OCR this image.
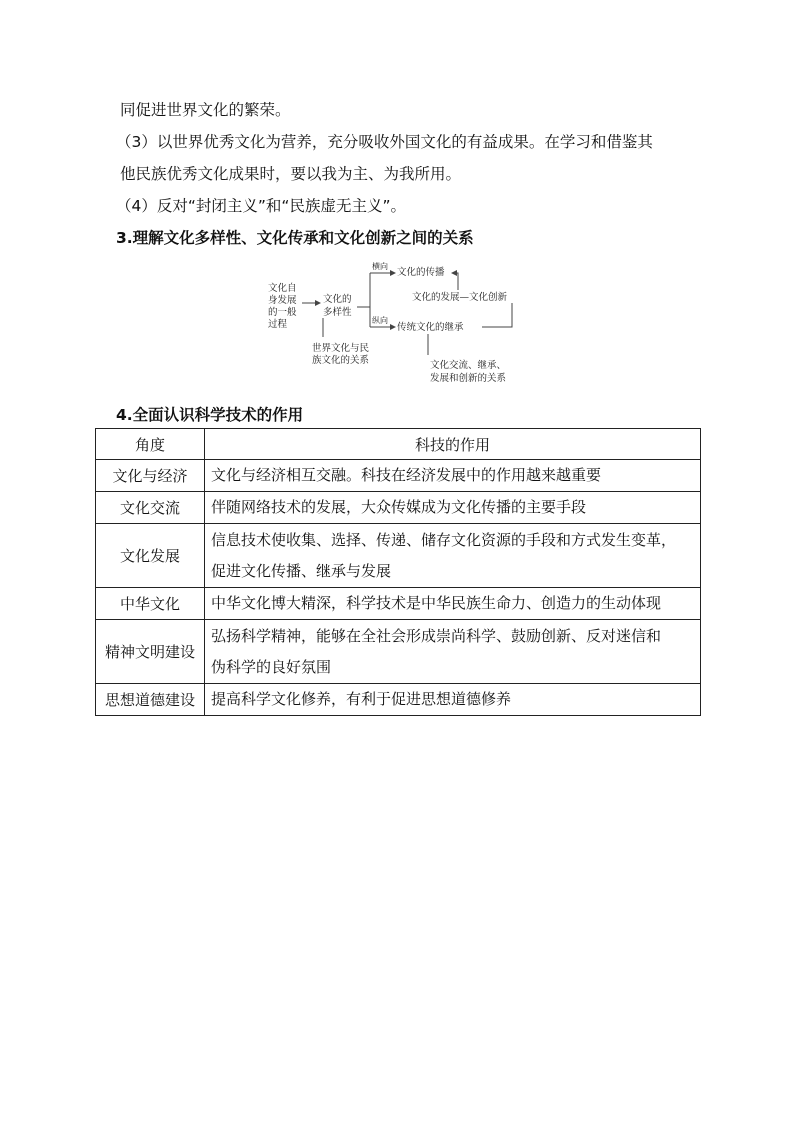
同促进世界文化的繁荣。
（3）以世界优秀文化为营养，充分吸收外国文化的有益成果。在学习和借鉴其
他民族优秀文化成果时，要以我为主、为我所用。
（4）反对“封闭主义”和“民族虚无主义”。
3.理解文化多样性、文化传承和文化创新之间的关系
文化自
身发展
的一般
过程
文化的
多样性
横向
纵向
文化的传播
文化的发展—文化创新
传统文化的继承
世界文化与民
族文化的关系	文化交流、继承、
发展和创新的关系
4.全面认识科学技术的作用
角度	科技的作用
文化与经济	文化与经济相互交融。科技在经济发展中的作用越来越重要
文化交流	伴随网络技术的发展，大众传媒成为文化传播的主要手段
文化发展	信息技术使收集、选择、传递、储存文化资源的手段和方式发生变革，
促进文化传播、继承与发展

中华文化	中华文化博大精深，科学技术是中华民族生命力、创造力的生动体现
精神文明建设	弘扬科学精神，能够在全社会形成崇尚科学、鼓励创新、反对迷信和
伪科学的良好氛围

思想道德建设	提高科学文化修养，有利于促进思想道德修养
